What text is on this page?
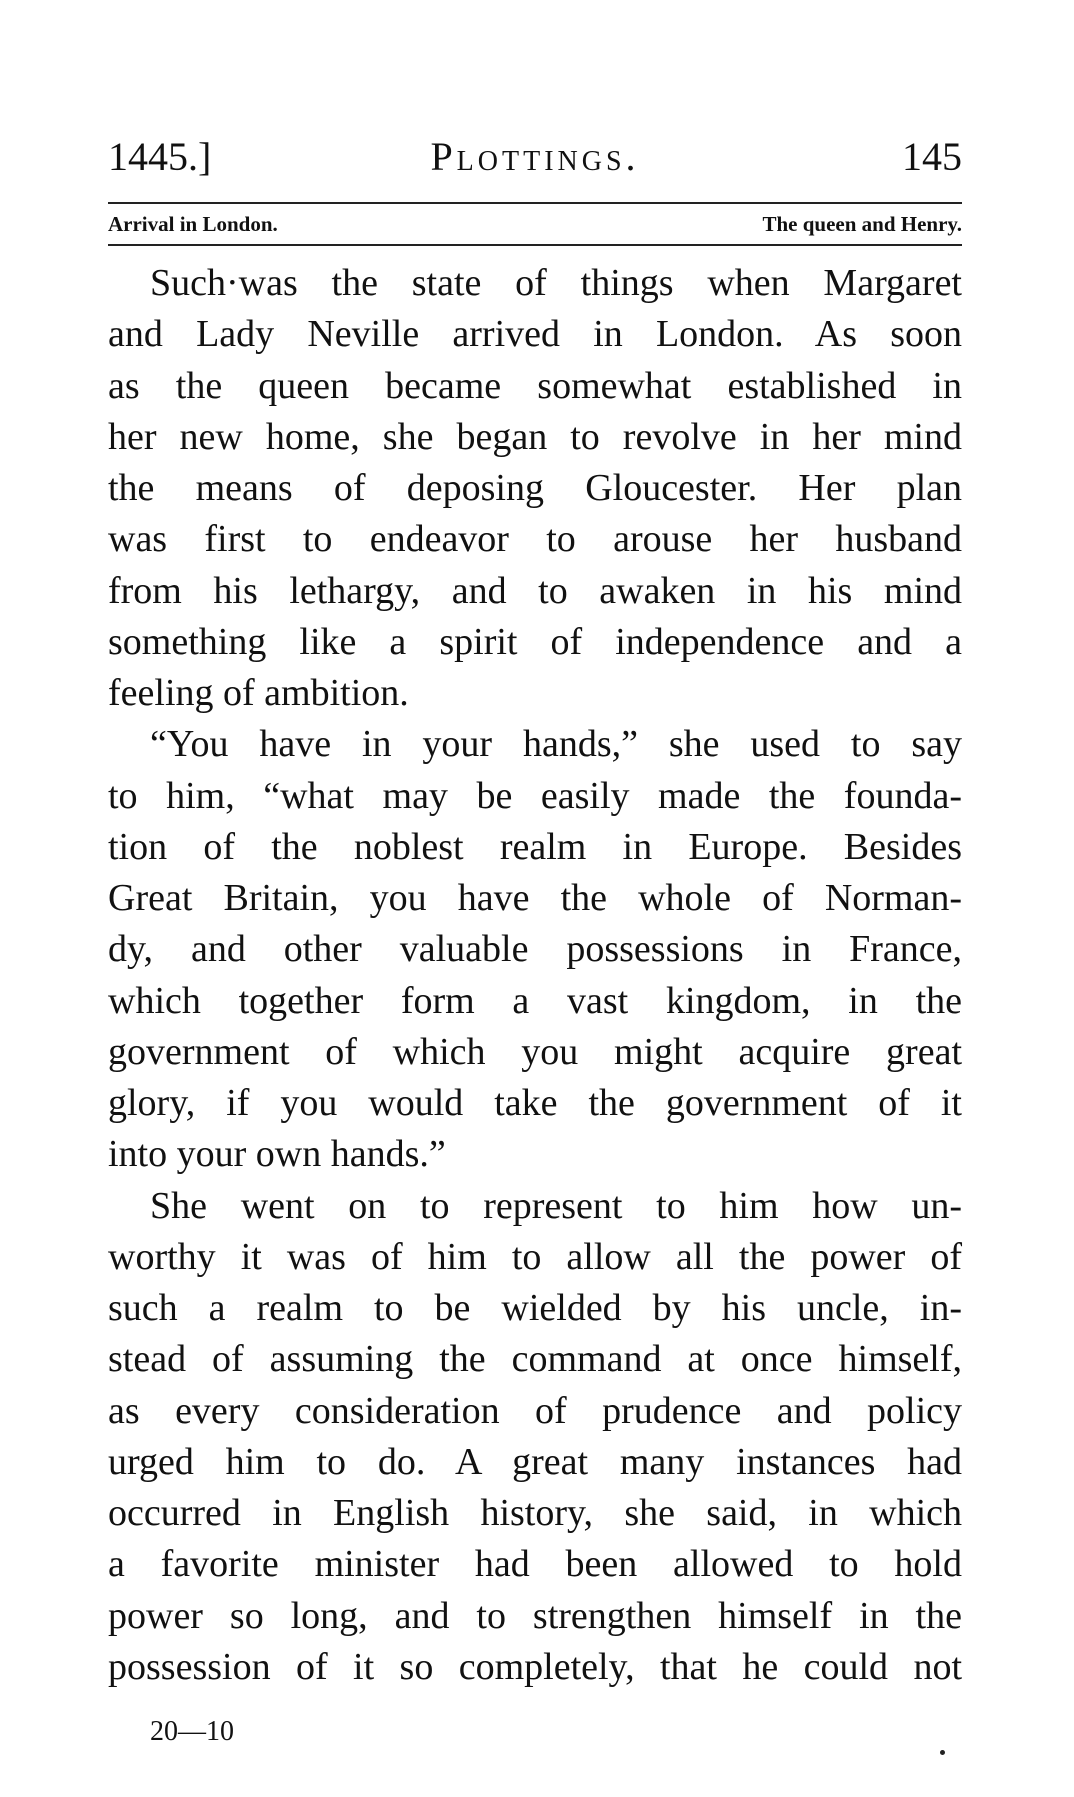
1445.]	Plottings.	145
Arrival in London.	The queen and Henry.
Such·was the state of things when Margaret
and Lady Neville arrived in London. As soon
as the queen became somewhat established in
her new home, she began to revolve in her mind
the means of deposing Gloucester. Her plan
was first to endeavor to arouse her husband
from his lethargy, and to awaken in his mind
something like a spirit of independence and a
feeling of ambition.
“You have in your hands,” she used to say
to him, “what may be easily made the founda-
tion of the noblest realm in Europe. Besides
Great Britain, you have the whole of Norman-
dy, and other valuable possessions in France,
which together form a vast kingdom, in the
government of which you might acquire great
glory, if you would take the government of it
into your own hands.”
She went on to represent to him how un-
worthy it was of him to allow all the power of
such a realm to be wielded by his uncle, in-
stead of assuming the command at once himself,
as every consideration of prudence and policy
urged him to do. A great many instances had
occurred in English history, she said, in which
a favorite minister had been allowed to hold
power so long, and to strengthen himself in the
possession of it so completely, that he could not
20—10
